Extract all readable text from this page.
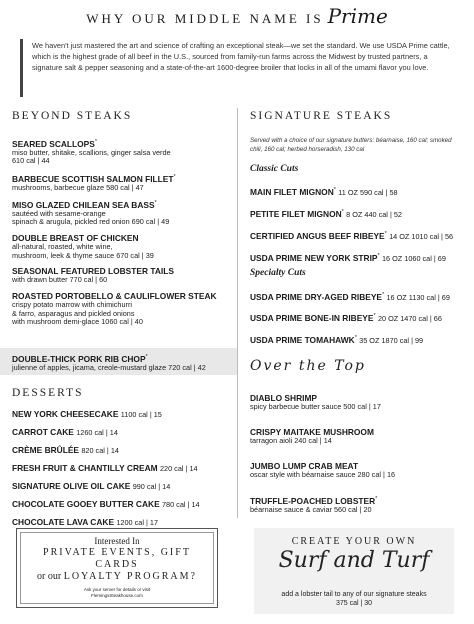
WHY OUR MIDDLE NAME IS Prime
We haven't just mastered the art and science of crafting an exceptional steak—we set the standard. We use USDA Prime cattle, which is the highest grade of all beef in the U.S., sourced from family-run farms across the Midwest by trusted partners, a signature salt & pepper seasoning and a state-of-the-art 1600-degree broiler that locks in all of the umami flavor you love.
BEYOND STEAKS
SEARED SCALLOPS*
miso butter, shitake, scallions, ginger salsa verde
610 cal | 44
BARBECUE SCOTTISH SALMON FILLET*
mushrooms, barbecue glaze 580 cal | 47
MISO GLAZED CHILEAN SEA BASS*
sautéed with sesame-orange
spinach & arugula, pickled red onion 690 cal | 49
DOUBLE BREAST OF CHICKEN
all-natural, roasted, white wine,
mushroom, leek & thyme sauce 670 cal | 39
SEASONAL FEATURED LOBSTER TAILS
with drawn butter 770 cal | 60
ROASTED PORTOBELLO & CAULIFLOWER STEAK
crispy potato marrow with chimichurri
& farro, asparagus and pickled onions
with mushroom demi-glace 1060 cal | 40
DOUBLE-THICK PORK RIB CHOP*
julienne of apples, jicama, creole-mustard glaze 720 cal | 42
DESSERTS
NEW YORK CHEESECAKE 1100 cal | 15
CARROT CAKE 1260 cal | 14
CRÈME BRÛLÉE 820 cal | 14
FRESH FRUIT & CHANTILLY CREAM 220 cal | 14
SIGNATURE OLIVE OIL CAKE 990 cal | 14
CHOCOLATE GOOEY BUTTER CAKE 780 cal | 14
CHOCOLATE LAVA CAKE 1200 cal | 17
Interested In
PRIVATE EVENTS, GIFT
CARDS
or our LOYALTY PROGRAM?
Ask your server for details or visit
FlemingsSteakhouse.com
SIGNATURE STEAKS
Served with a choice of our signature butters: béarnaise, 160 cal; smoked chili, 160 cal; herbed horseradish, 130 cal
Classic Cuts
MAIN FILET MIGNON* 11 OZ 590 cal | 58
PETITE FILET MIGNON* 8 OZ 440 cal | 52
CERTIFIED ANGUS BEEF RIBEYE* 14 OZ 1010 cal | 56
USDA PRIME NEW YORK STRIP* 16 OZ 1060 cal | 69
Specialty Cuts
USDA PRIME DRY-AGED RIBEYE* 16 OZ 1130 cal | 69
USDA PRIME BONE-IN RIBEYE* 20 OZ 1470 cal | 66
USDA PRIME TOMAHAWK* 35 OZ 1870 cal | 99
Over the Top
DIABLO SHRIMP
spicy barbecue butter sauce 500 cal | 17
CRISPY MAITAKE MUSHROOM
tarragon aioli 240 cal | 14
JUMBO LUMP CRAB MEAT
oscar style with béarnaise sauce 280 cal | 16
TRUFFLE-POACHED LOBSTER*
béarnaise sauce & caviar 560 cal | 20
CREATE YOUR OWN
Surf and Turf
add a lobster tail to any of our signature steaks
375 cal | 30
